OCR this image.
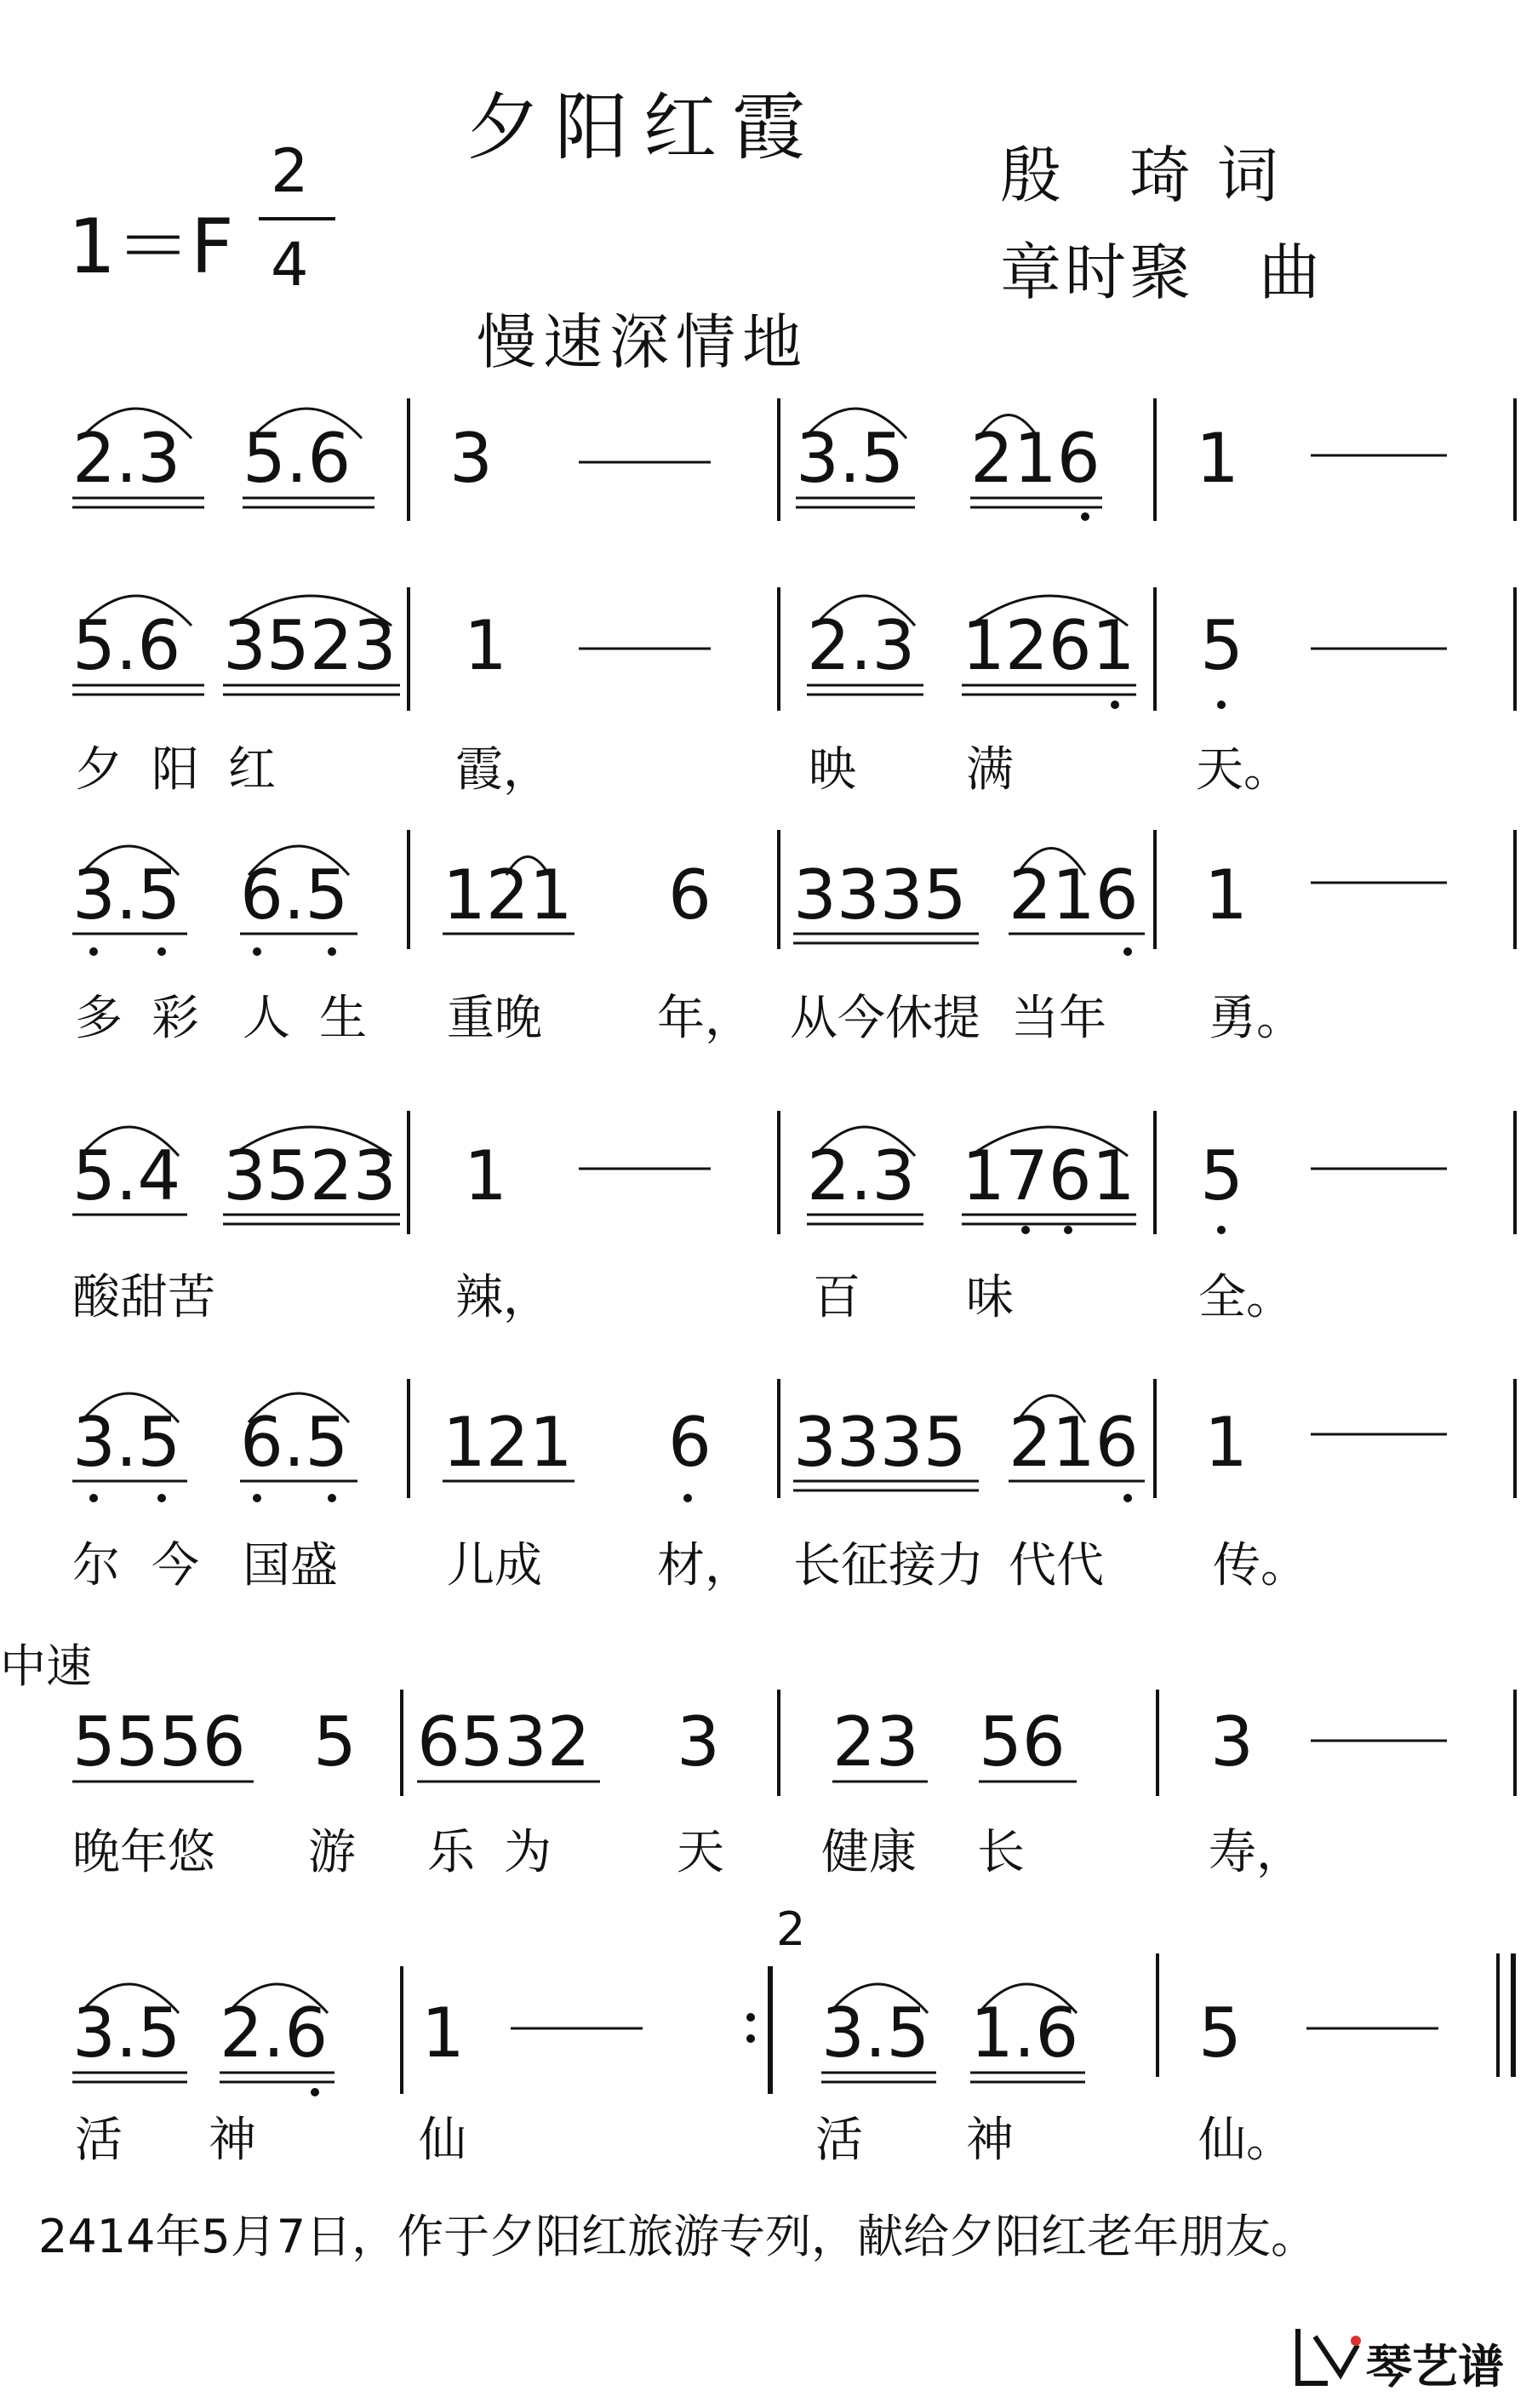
夕阳红霞
1＝F
2
4
殷　琦 词
章时聚　曲
慢速深情地
中速
2
2.3 5.6 3	3.5 216 1
5.6 3523 1	2.3 1261 5
夕 阳 红	霞，	映 满	天。
3.5 6.5 121 6 3335 216 1
多 彩 人 生 重晚 年， 从今休提 当年 勇。
5.4 3523 1	2.3 1761 5
酸甜苦	辣，	百 味	全。
3.5 6.5 121 6 3335 216 1
尔 今 国盛 儿成 材， 长征接力 代代 传。
5556 5 6532 3 23 56 3
晚年悠 游 乐 为	天 健康 长	寿，
3.5 2.6 1	3.5 1.6 5
活 神	仙	活 神	仙。
2414年5月7日，作于夕阳红旅游专列，献给夕阳红老年朋友。
琴艺谱
